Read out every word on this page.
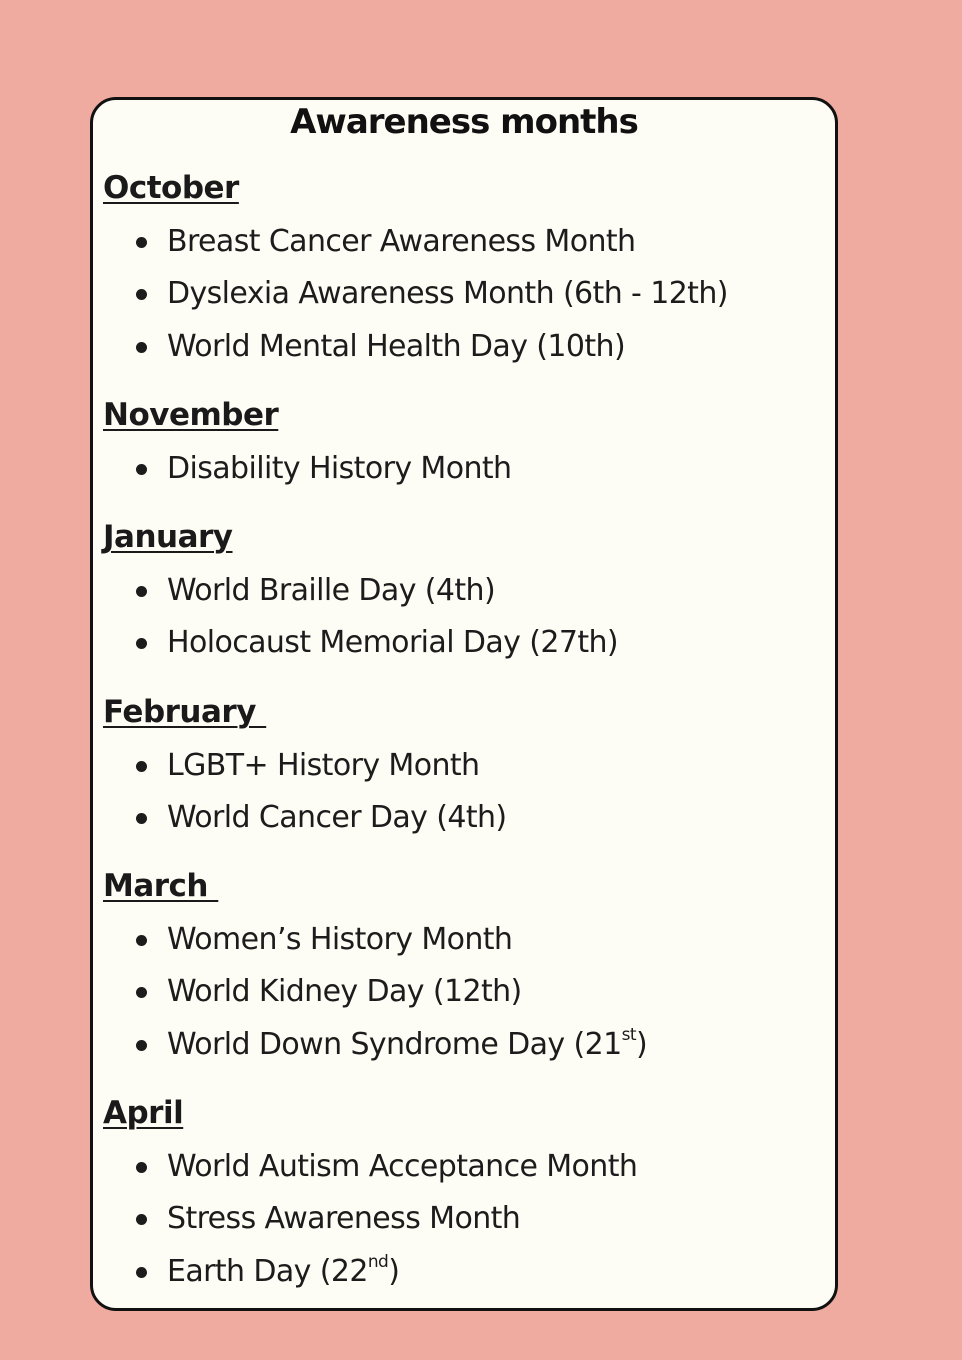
Awareness months
October
Breast Cancer Awareness Month
Dyslexia Awareness Month (6th - 12th)
World Mental Health Day (10th)
November
Disability History Month
January
World Braille Day (4th)
Holocaust Memorial Day (27th)
February
LGBT+ History Month
World Cancer Day (4th)
March
Women’s History Month
World Kidney Day (12th)
World Down Syndrome Day (21st)
April
World Autism Acceptance Month
Stress Awareness Month
Earth Day (22nd)
